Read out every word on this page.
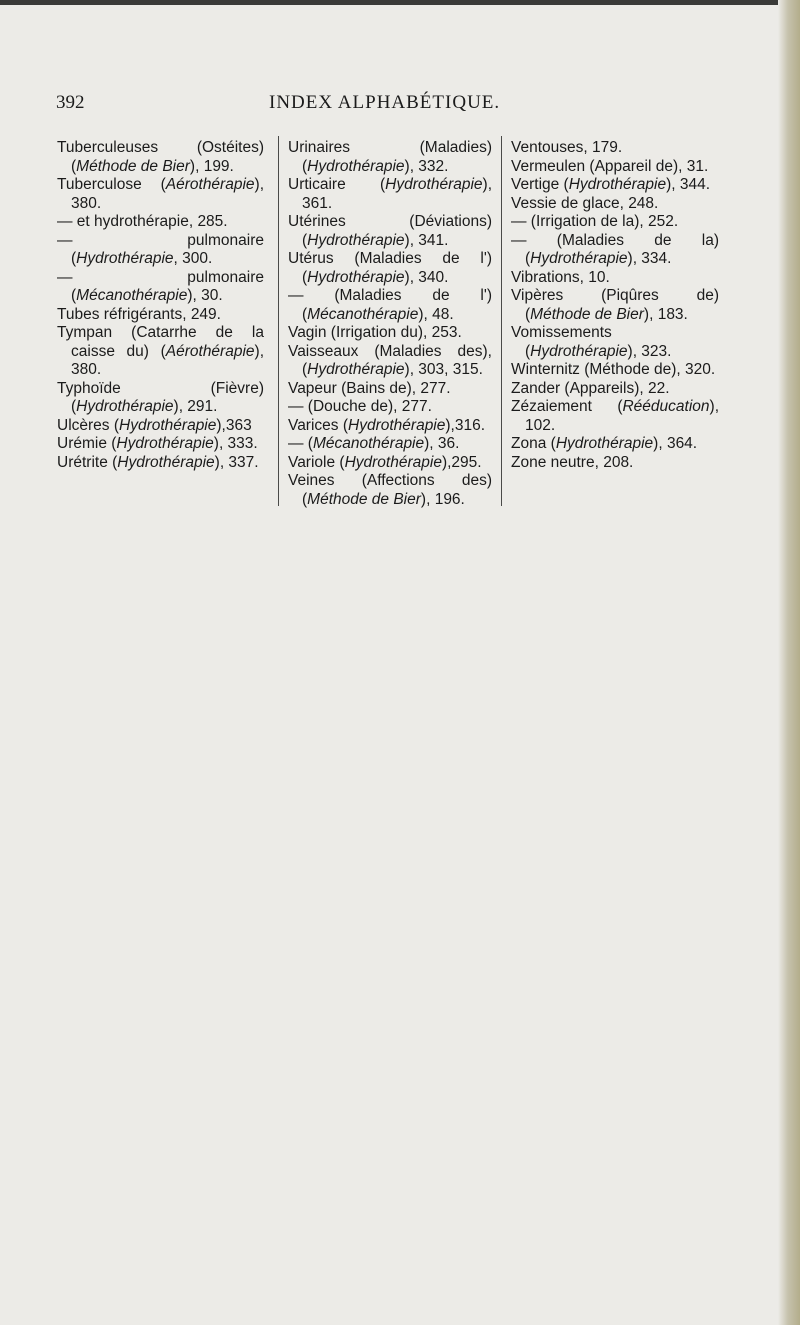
392	INDEX ALPHABÉTIQUE.

Tuberculeuses (Ostéites) (Méthode de Bier), 199.

Tuberculose (Aérothérapie), 380.

— et hydrothérapie, 285.

— pulmonaire (Hydrothérapie, 300.

— pulmonaire (Mécanothérapie), 30.

Tubes réfrigérants, 249.

Tympan (Catarrhe de la caisse du) (Aérothérapie), 380.

Typhoïde (Fièvre) (Hydrothérapie), 291.

Ulcères (Hydrothérapie),363

Urémie (Hydrothérapie), 333.

Urétrite (Hydrothérapie), 337.

Urinaires (Maladies) (Hydrothérapie), 332.

Urticaire (Hydrothérapie), 361.

Utérines (Déviations) (Hydrothérapie), 341.

Utérus (Maladies de l') (Hydrothérapie), 340.

— (Maladies de l') (Mécanothérapie), 48.

Vagin (Irrigation du), 253.

Vaisseaux (Maladies des), (Hydrothérapie), 303, 315.

Vapeur (Bains de), 277.

— (Douche de), 277.

Varices (Hydrothérapie),316.

— (Mécanothérapie), 36.

Variole (Hydrothérapie),295.

Veines (Affections des) (Méthode de Bier), 196.

Ventouses, 179.

Vermeulen (Appareil de), 31.

Vertige (Hydrothérapie), 344.

Vessie de glace, 248.

— (Irrigation de la), 252.

— (Maladies de la) (Hydrothérapie), 334.

Vibrations, 10.

Vipères (Piqûres de) (Méthode de Bier), 183.

Vomissements (Hydrothérapie), 323.

Winternitz (Méthode de), 320.

Zander (Appareils), 22.

Zézaiement (Rééducation), 102.

Zona (Hydrothérapie), 364.

Zone neutre, 208.
